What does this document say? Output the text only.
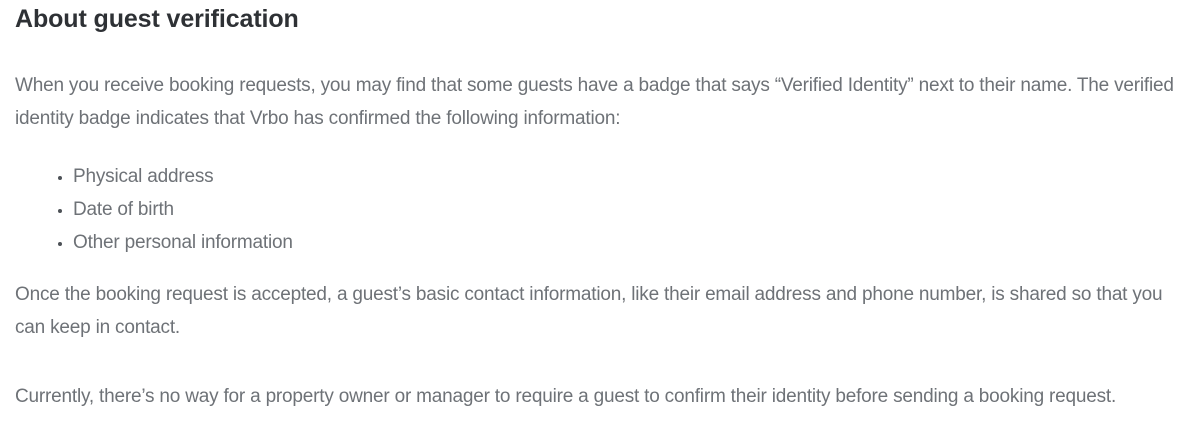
About guest verification

When you receive booking requests, you may find that some guests have a badge that says “Verified Identity” next to their name. The verified identity badge indicates that Vrbo has confirmed the following information:

• Physical address
• Date of birth
• Other personal information

Once the booking request is accepted, a guest’s basic contact information, like their email address and phone number, is shared so that you can keep in contact.

Currently, there’s no way for a property owner or manager to require a guest to confirm their identity before sending a booking request.
